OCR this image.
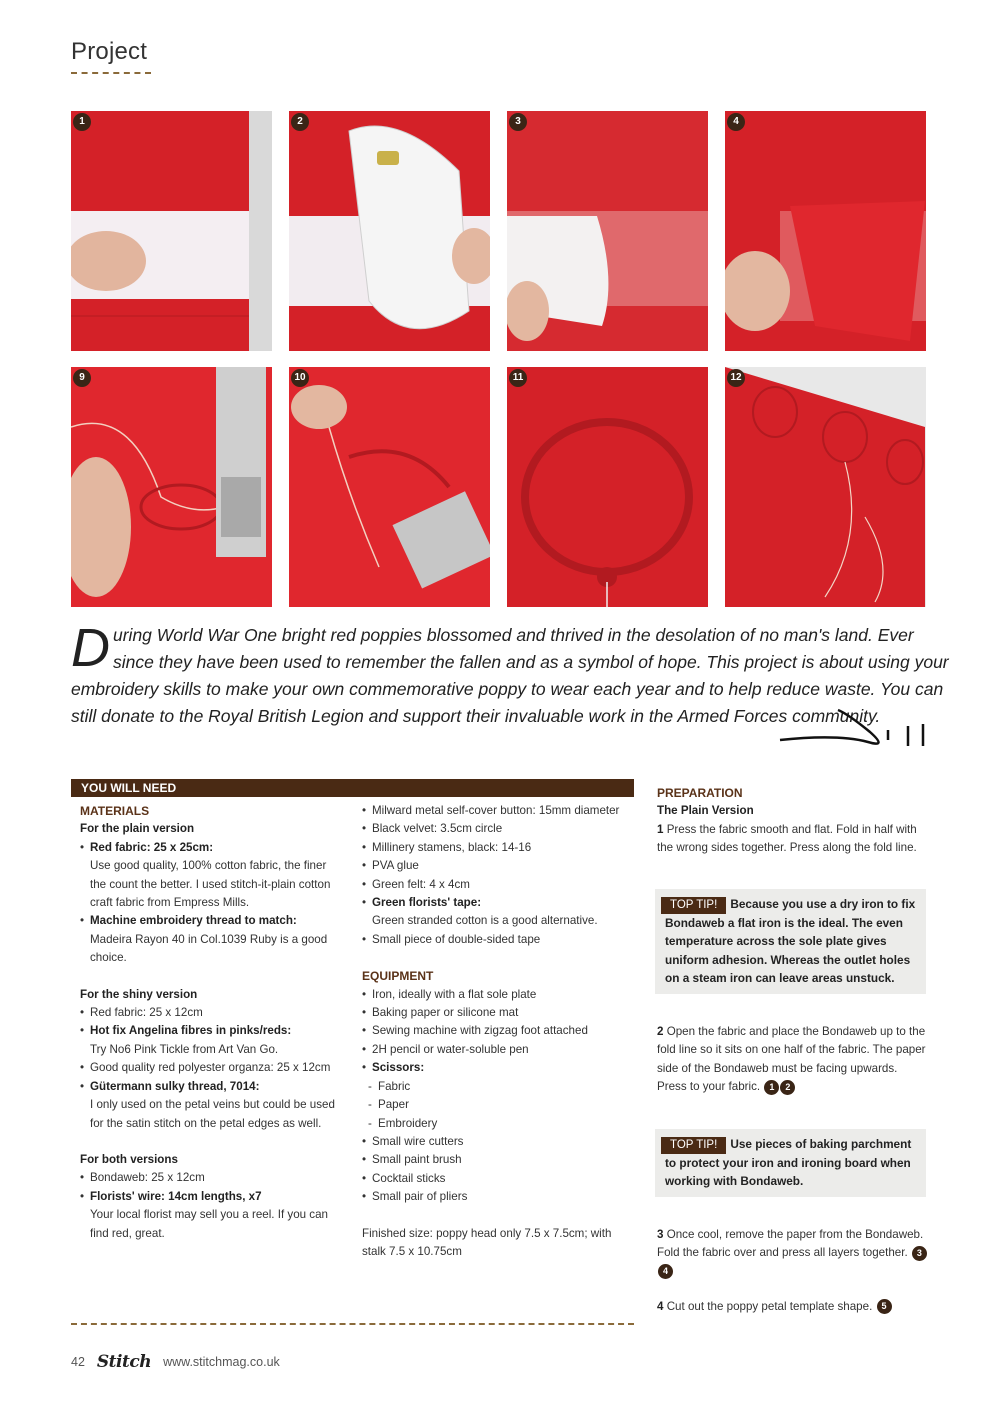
Project
1	2	3	4
9	10	11	12
During World War One bright red poppies blossomed and thrived in the desolation of no man's land. Ever since they have been used to remember the fallen and as a symbol of hope. This project is about using your embroidery skills to make your own commemorative poppy to wear each year and to help reduce waste. You can still donate to the Royal British Legion and support their invaluable work in the Armed Forces community.
YOU WILL NEED
MATERIALS
For the plain version
• Red fabric: 25 x 25cm:
Use good quality, 100% cotton fabric, the finer the count the better. I used stitch-it-plain cotton craft fabric from Empress Mills.
• Machine embroidery thread to match:
Madeira Rayon 40 in Col.1039 Ruby is a good choice.
For the shiny version
• Red fabric: 25 x 12cm
• Hot fix Angelina fibres in pinks/reds:
Try No6 Pink Tickle from Art Van Go.
• Good quality red polyester organza: 25 x 12cm
• Gütermann sulky thread, 7014:
I only used on the petal veins but could be used for the satin stitch on the petal edges as well.
For both versions
• Bondaweb: 25 x 12cm
• Florists' wire: 14cm lengths, x7
Your local florist may sell you a reel. If you can find red, great.
• Milward metal self-cover button: 15mm diameter
• Black velvet: 3.5cm circle
• Millinery stamens, black: 14-16
• PVA glue
• Green felt: 4 x 4cm
• Green florists' tape:
Green stranded cotton is a good alternative.
• Small piece of double-sided tape
EQUIPMENT
• Iron, ideally with a flat sole plate
• Baking paper or silicone mat
• Sewing machine with zigzag foot attached
• 2H pencil or water-soluble pen
• Scissors:
- Fabric
- Paper
- Embroidery
• Small wire cutters
• Small paint brush
• Cocktail sticks
• Small pair of pliers
Finished size: poppy head only 7.5 x 7.5cm; with stalk 7.5 x 10.75cm
PREPARATION
The Plain Version
1 Press the fabric smooth and flat. Fold in half with the wrong sides together. Press along the fold line.
TOP TIP! Because you use a dry iron to fix Bondaweb a flat iron is the ideal. The even temperature across the sole plate gives uniform adhesion. Whereas the outlet holes on a steam iron can leave areas unstuck.
2 Open the fabric and place the Bondaweb up to the fold line so it sits on one half of the fabric. The paper side of the Bondaweb must be facing upwards. Press to your fabric. 1 2
TOP TIP! Use pieces of baking parchment to protect your iron and ironing board when working with Bondaweb.
3 Once cool, remove the paper from the Bondaweb. Fold the fabric over and press all layers together. 34
4 Cut out the poppy petal template shape. 5
42 Stitch www.stitchmag.co.uk
